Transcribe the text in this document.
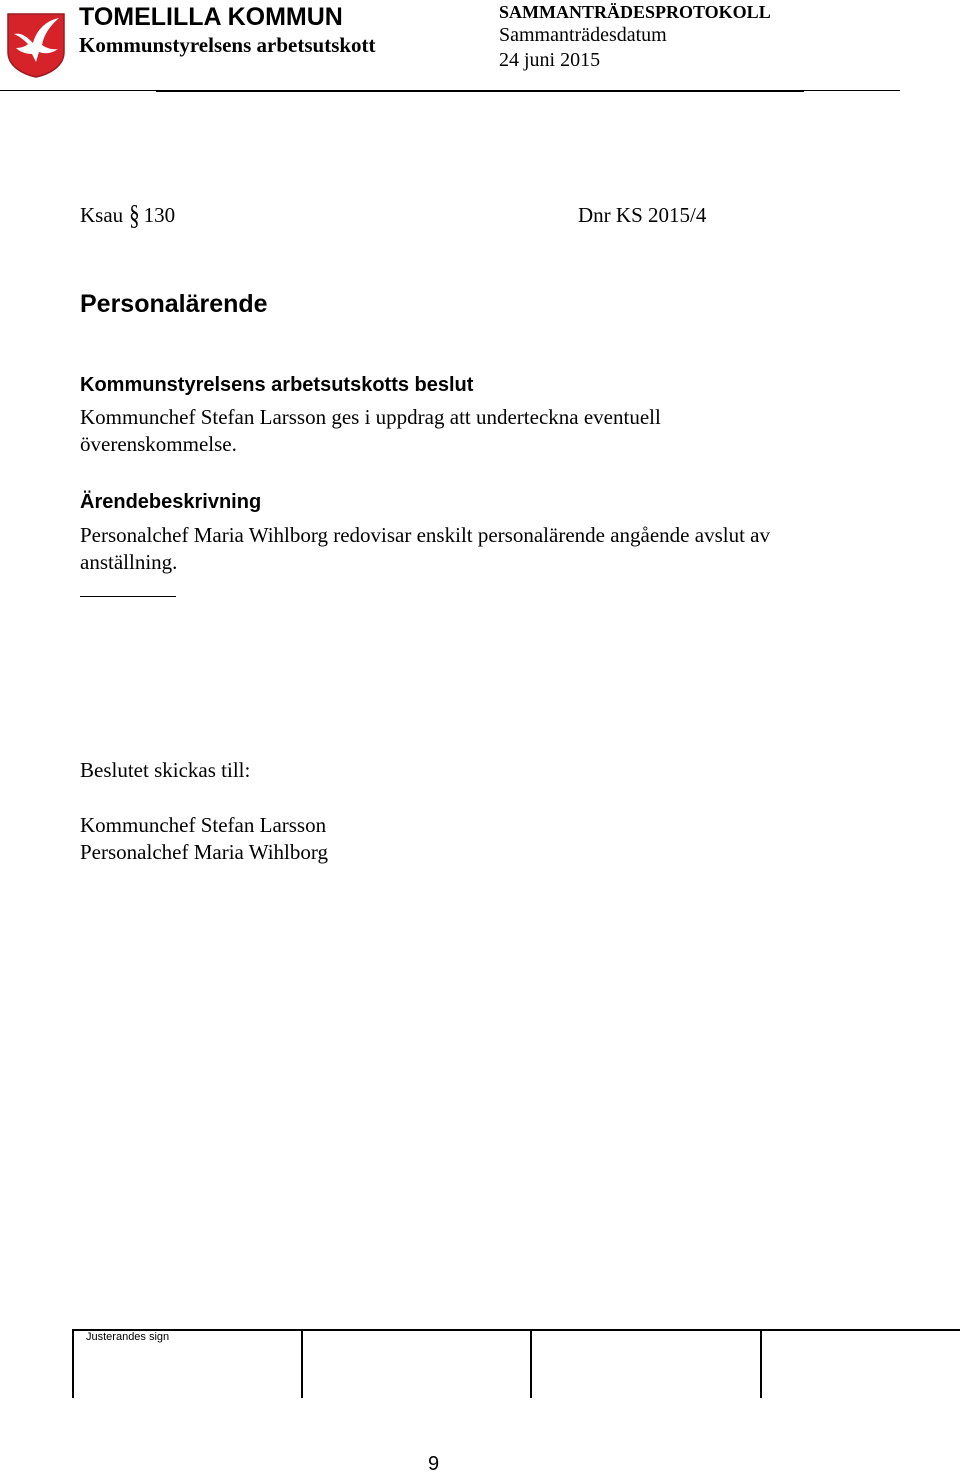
TOMELILLA KOMMUN
Kommunstyrelsens arbetsutskott
SAMMANTRÄDESPROTOKOLL
Sammanträdesdatum
24 juni 2015
Ksau § 130	Dnr KS 2015/4
Personalärende
Kommunstyrelsens arbetsutskotts beslut
Kommunchef Stefan Larsson ges i uppdrag att underteckna eventuell överenskommelse.
Ärendebeskrivning
Personalchef Maria Wihlborg redovisar enskilt personalärende angående avslut av anställning.
Beslutet skickas till:
Kommunchef Stefan Larsson
Personalchef Maria Wihlborg
Justerandes sign
9
